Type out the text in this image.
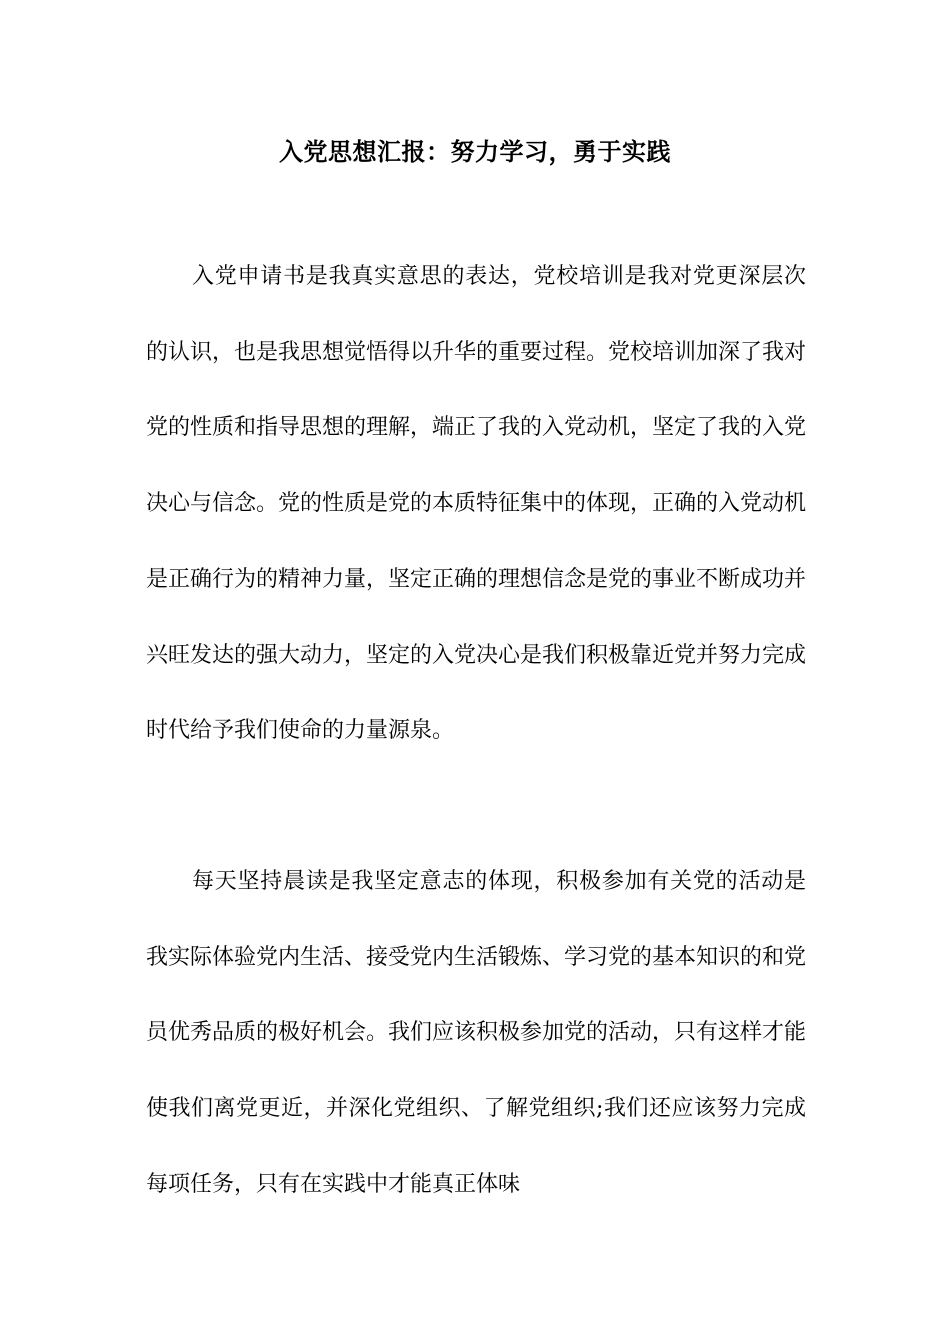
入党思想汇报：努力学习，勇于实践

入党申请书是我真实意思的表达，党校培训是我对党更深层次的认识，也是我思想觉悟得以升华的重要过程。党校培训加深了我对党的性质和指导思想的理解，端正了我的入党动机，坚定了我的入党决心与信念。党的性质是党的本质特征集中的体现，正确的入党动机是正确行为的精神力量，坚定正确的理想信念是党的事业不断成功并兴旺发达的强大动力，坚定的入党决心是我们积极靠近党并努力完成时代给予我们使命的力量源泉。

每天坚持晨读是我坚定意志的体现，积极参加有关党的活动是我实际体验党内生活、接受党内生活锻炼、学习党的基本知识的和党员优秀品质的极好机会。我们应该积极参加党的活动，只有这样才能使我们离党更近，并深化党组织、了解党组织;我们还应该努力完成每项任务，只有在实践中才能真正体味
